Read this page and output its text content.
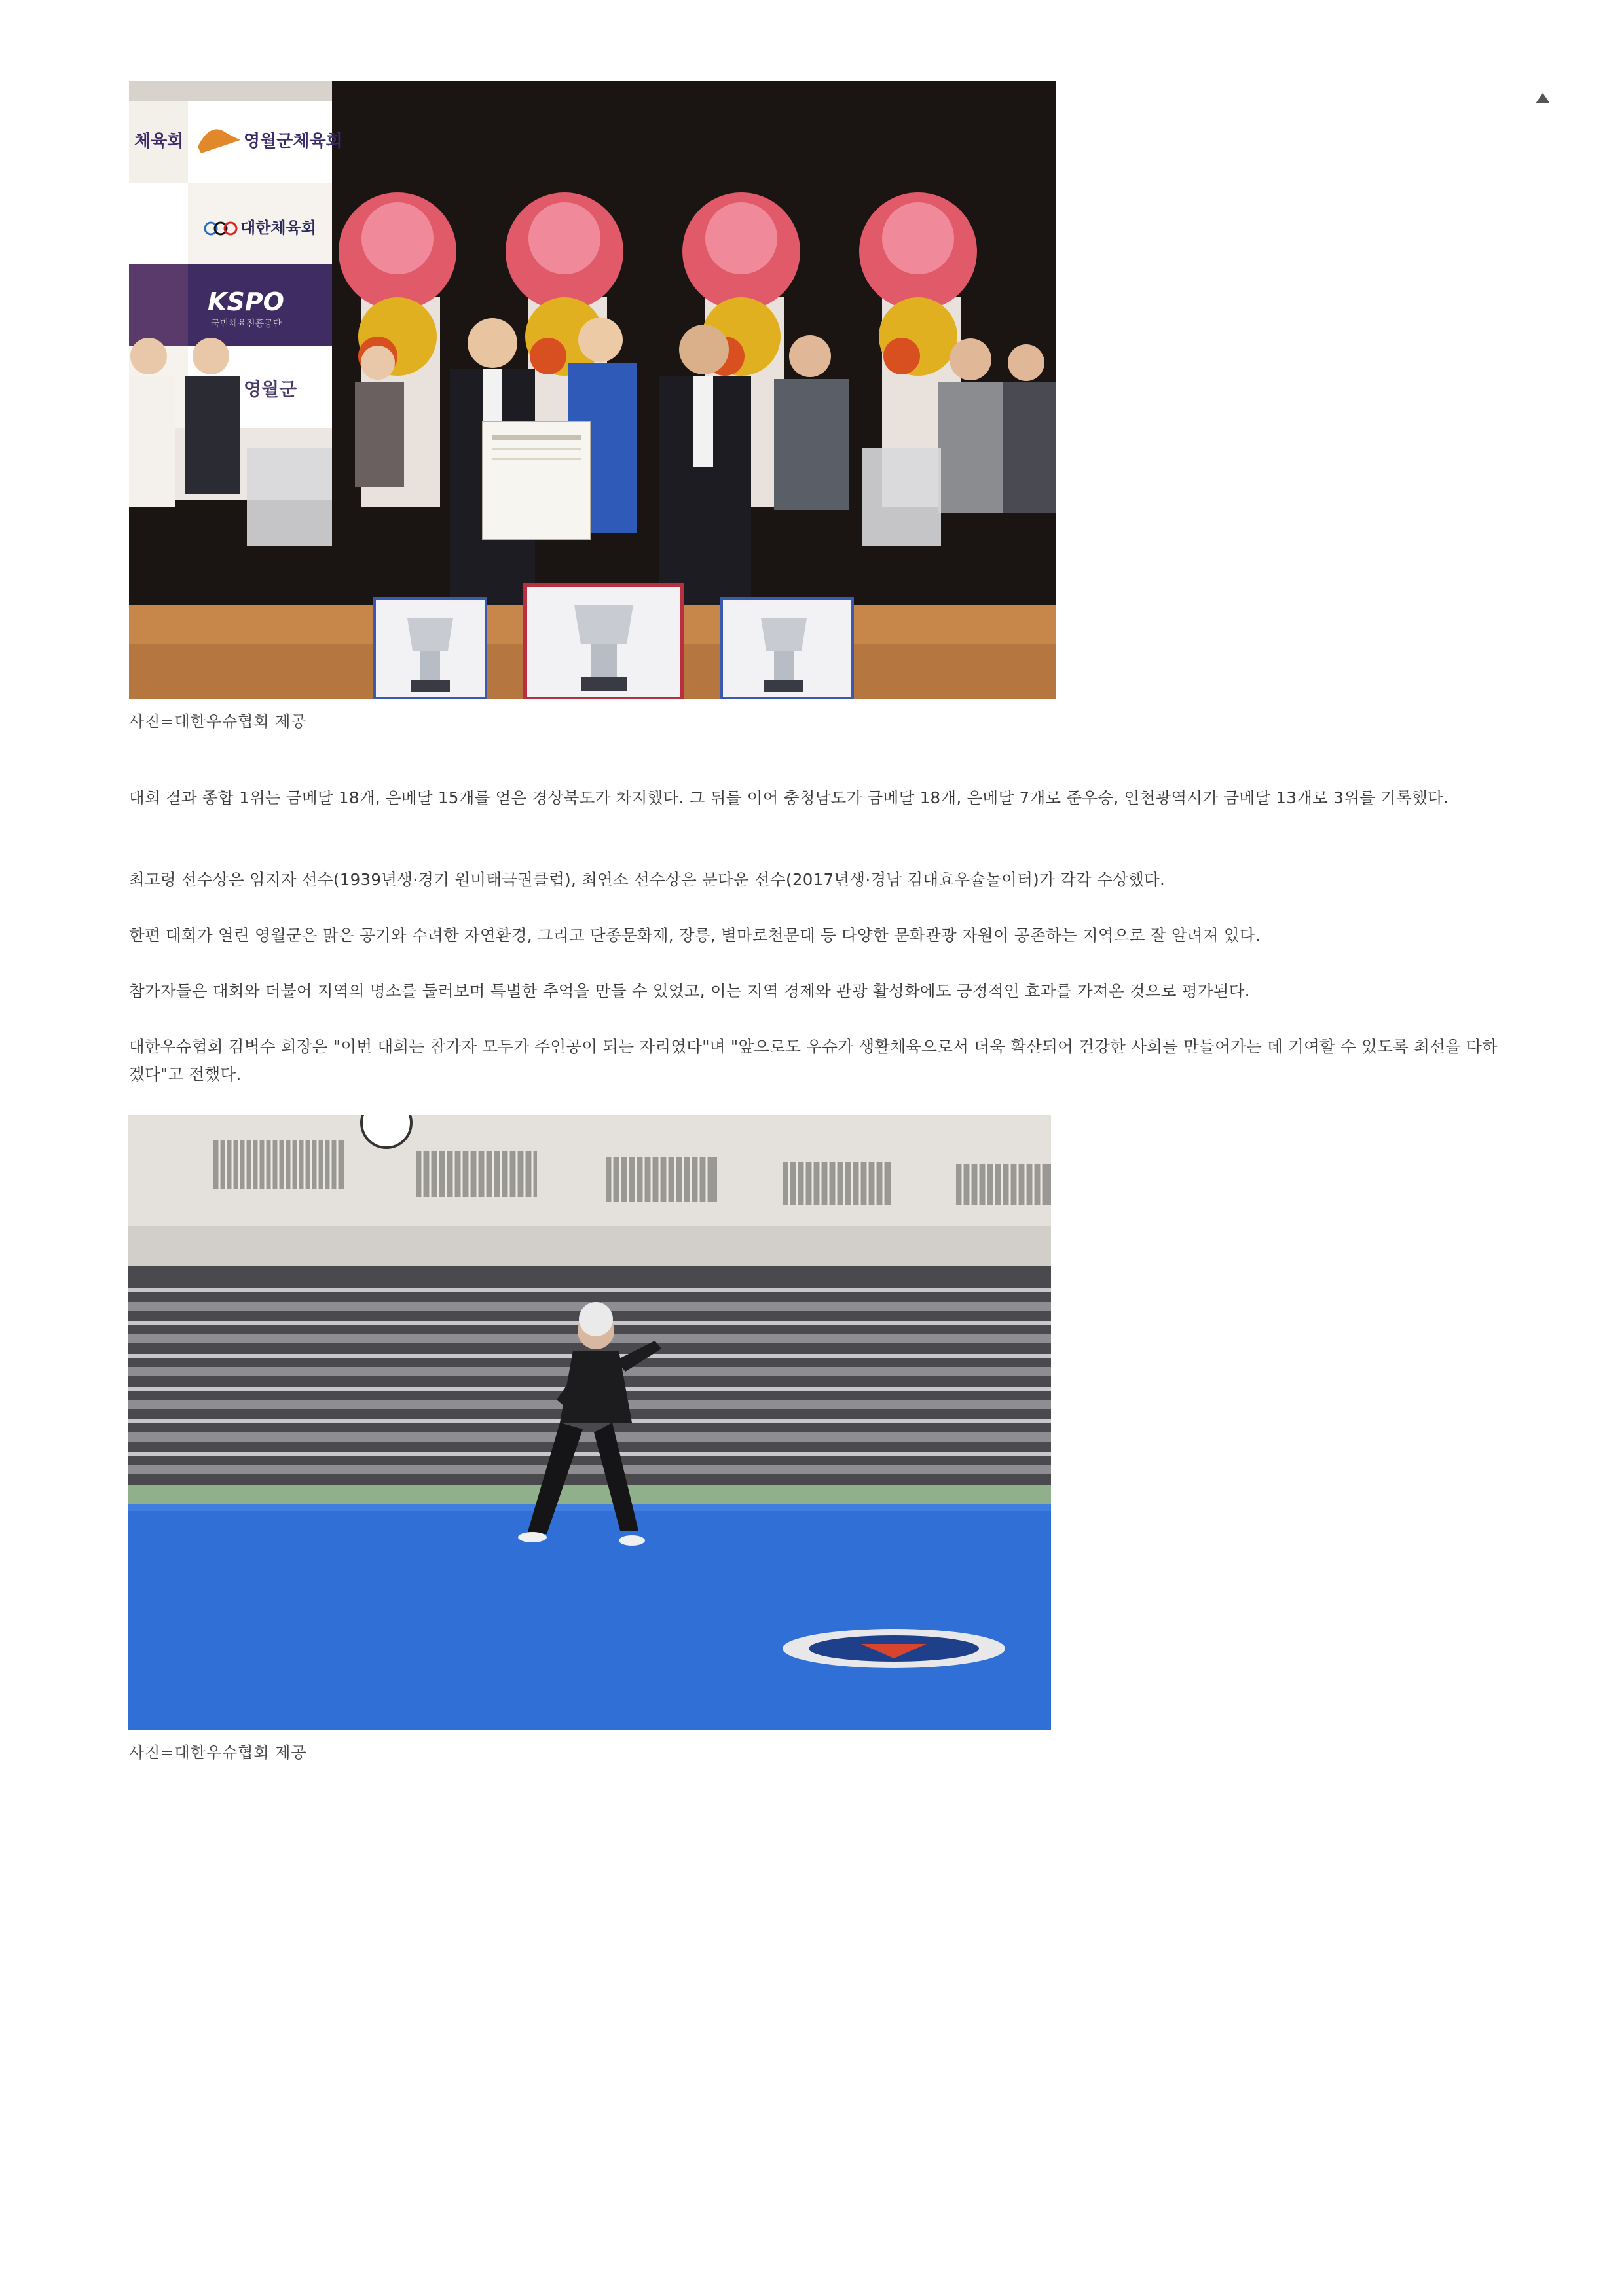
체육회	영월군체육회
대한체육회
KSPO
국민체육진흥공단
영월군
사진=대한우슈협회 제공
대회 결과 종합 1위는 금메달 18개, 은메달 15개를 얻은 경상북도가 차지했다. 그 뒤를 이어 충청남도가 금메달 18개, 은메달 7개로 준우승, 인천광역시가 금메달 13개로 3위를 기록했다.
최고령 선수상은 임지자 선수(1939년생·경기 원미태극권클럽), 최연소 선수상은 문다운 선수(2017년생·경남 김대효우슐놀이터)가 각각 수상했다.
한편 대회가 열린 영월군은 맑은 공기와 수려한 자연환경, 그리고 단종문화제, 장릉, 별마로천문대 등 다양한 문화관광 자원이 공존하는 지역으로 잘 알려져 있다.
참가자들은 대회와 더불어 지역의 명소를 둘러보며 특별한 추억을 만들 수 있었고, 이는 지역 경제와 관광 활성화에도 긍정적인 효과를 가져온 것으로 평가된다.
대한우슈협회 김벽수 회장은 "이번 대회는 참가자 모두가 주인공이 되는 자리였다"며 "앞으로도 우슈가 생활체육으로서 더욱 확산되어 건강한 사회를 만들어가는 데 기여할 수 있도록 최선을 다하겠다"고 전했다.
사진=대한우슈협회 제공
